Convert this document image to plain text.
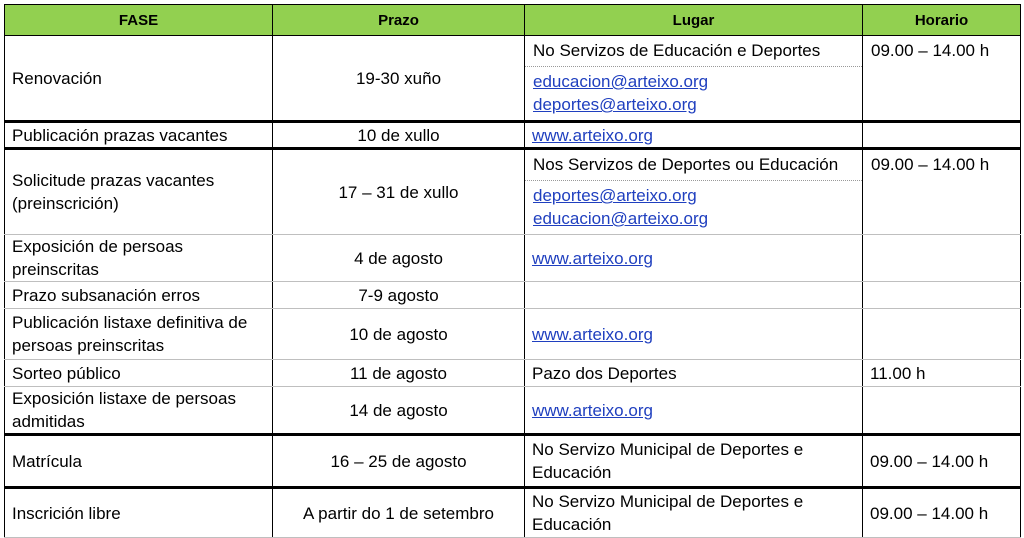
FASE	Prazo	Lugar	Horario
Renovación	19-30 xuño	No Servizos de Educación e Deportes
educacion@arteixo.org
deportes@arteixo.org	09.00 – 14.00 h

Publicación prazas vacantes	10 de xullo	www.arteixo.org	
Solicitude prazas vacantes (preinscrición)	17 – 31 de xullo	Nos Servizos de Deportes ou Educación
deportes@arteixo.org
educacion@arteixo.org	09.00 – 14.00 h

Exposición de persoas preinscritas	4 de agosto	www.arteixo.org	
Prazo subsanación erros	7-9 agosto		
Publicación listaxe definitiva de persoas preinscritas	10 de agosto	www.arteixo.org	
Sorteo público	11 de agosto	Pazo dos Deportes	11.00 h
Exposición listaxe de persoas admitidas	14 de agosto	www.arteixo.org	
Matrícula	16 – 25 de agosto	No Servizo Municipal de Deportes e Educación	09.00 – 14.00 h
Inscrición libre	A partir do 1 de setembro	No Servizo Municipal de Deportes e Educación	09.00 – 14.00 h
